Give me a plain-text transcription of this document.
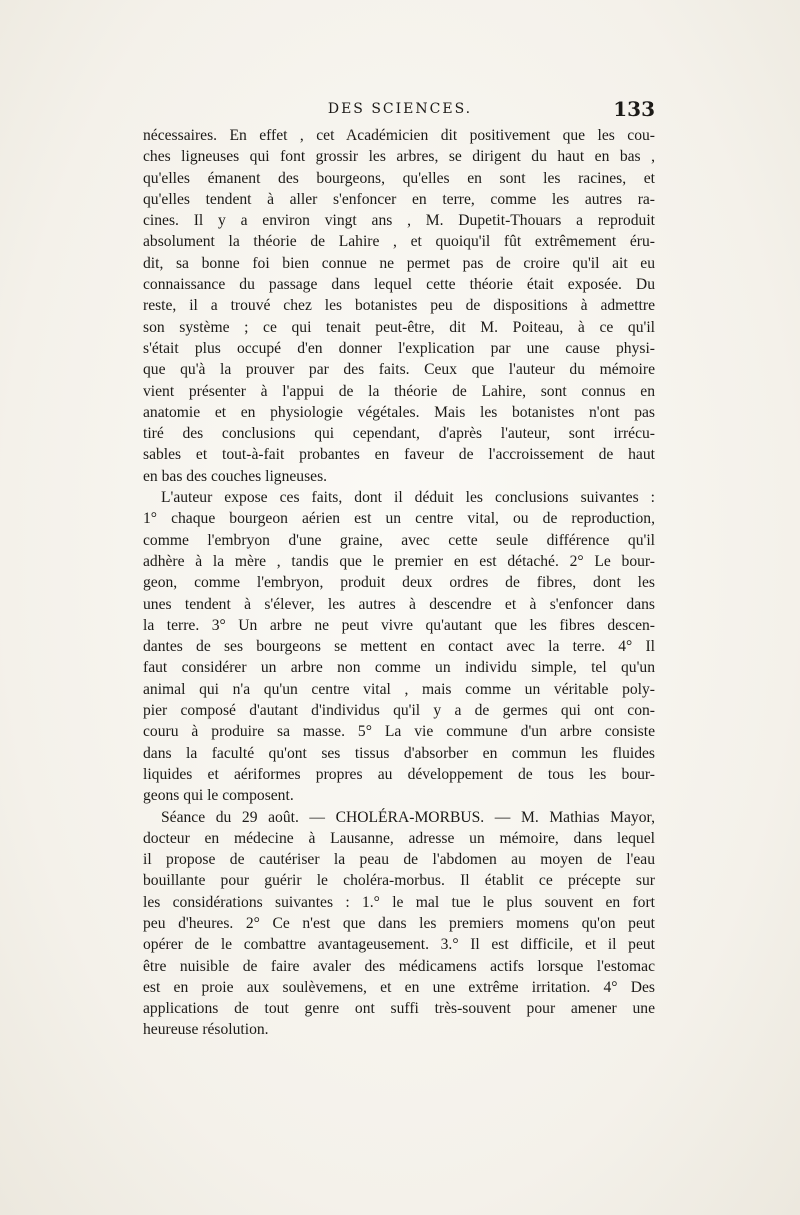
DES SCIENCES.	133
nécessaires. En effet , cet Académicien dit positivement que les cou-
ches ligneuses qui font grossir les arbres, se dirigent du haut en bas ,
qu'elles émanent des bourgeons, qu'elles en sont les racines, et
qu'elles tendent à aller s'enfoncer en terre, comme les autres ra-
cines. Il y a environ vingt ans , M. Dupetit-Thouars a reproduit
absolument la théorie de Lahire , et quoiqu'il fût extrêmement éru-
dit, sa bonne foi bien connue ne permet pas de croire qu'il ait eu
connaissance du passage dans lequel cette théorie était exposée. Du
reste, il a trouvé chez les botanistes peu de dispositions à admettre
son système ; ce qui tenait peut-être, dit M. Poiteau, à ce qu'il
s'était plus occupé d'en donner l'explication par une cause physi-
que qu'à la prouver par des faits. Ceux que l'auteur du mémoire
vient présenter à l'appui de la théorie de Lahire, sont connus en
anatomie et en physiologie végétales. Mais les botanistes n'ont pas
tiré des conclusions qui cependant, d'après l'auteur, sont irrécu-
sables et tout-à-fait probantes en faveur de l'accroissement de haut
en bas des couches ligneuses.
L'auteur expose ces faits, dont il déduit les conclusions suivantes :
1° chaque bourgeon aérien est un centre vital, ou de reproduction,
comme l'embryon d'une graine, avec cette seule différence qu'il
adhère à la mère , tandis que le premier en est détaché. 2° Le bour-
geon, comme l'embryon, produit deux ordres de fibres, dont les
unes tendent à s'élever, les autres à descendre et à s'enfoncer dans
la terre. 3° Un arbre ne peut vivre qu'autant que les fibres descen-
dantes de ses bourgeons se mettent en contact avec la terre. 4° Il
faut considérer un arbre non comme un individu simple, tel qu'un
animal qui n'a qu'un centre vital , mais comme un véritable poly-
pier composé d'autant d'individus qu'il y a de germes qui ont con-
couru à produire sa masse. 5° La vie commune d'un arbre consiste
dans la faculté qu'ont ses tissus d'absorber en commun les fluides
liquides et aériformes propres au développement de tous les bour-
geons qui le composent.
Séance du 29 août. — CHOLÉRA-MORBUS. — M. Mathias Mayor,
docteur en médecine à Lausanne, adresse un mémoire, dans lequel
il propose de cautériser la peau de l'abdomen au moyen de l'eau
bouillante pour guérir le choléra-morbus. Il établit ce précepte sur
les considérations suivantes : 1.° le mal tue le plus souvent en fort
peu d'heures. 2° Ce n'est que dans les premiers momens qu'on peut
opérer de le combattre avantageusement. 3.° Il est difficile, et il peut
être nuisible de faire avaler des médicamens actifs lorsque l'estomac
est en proie aux soulèvemens, et en une extrême irritation. 4° Des
applications de tout genre ont suffi très-souvent pour amener une
heureuse résolution.
